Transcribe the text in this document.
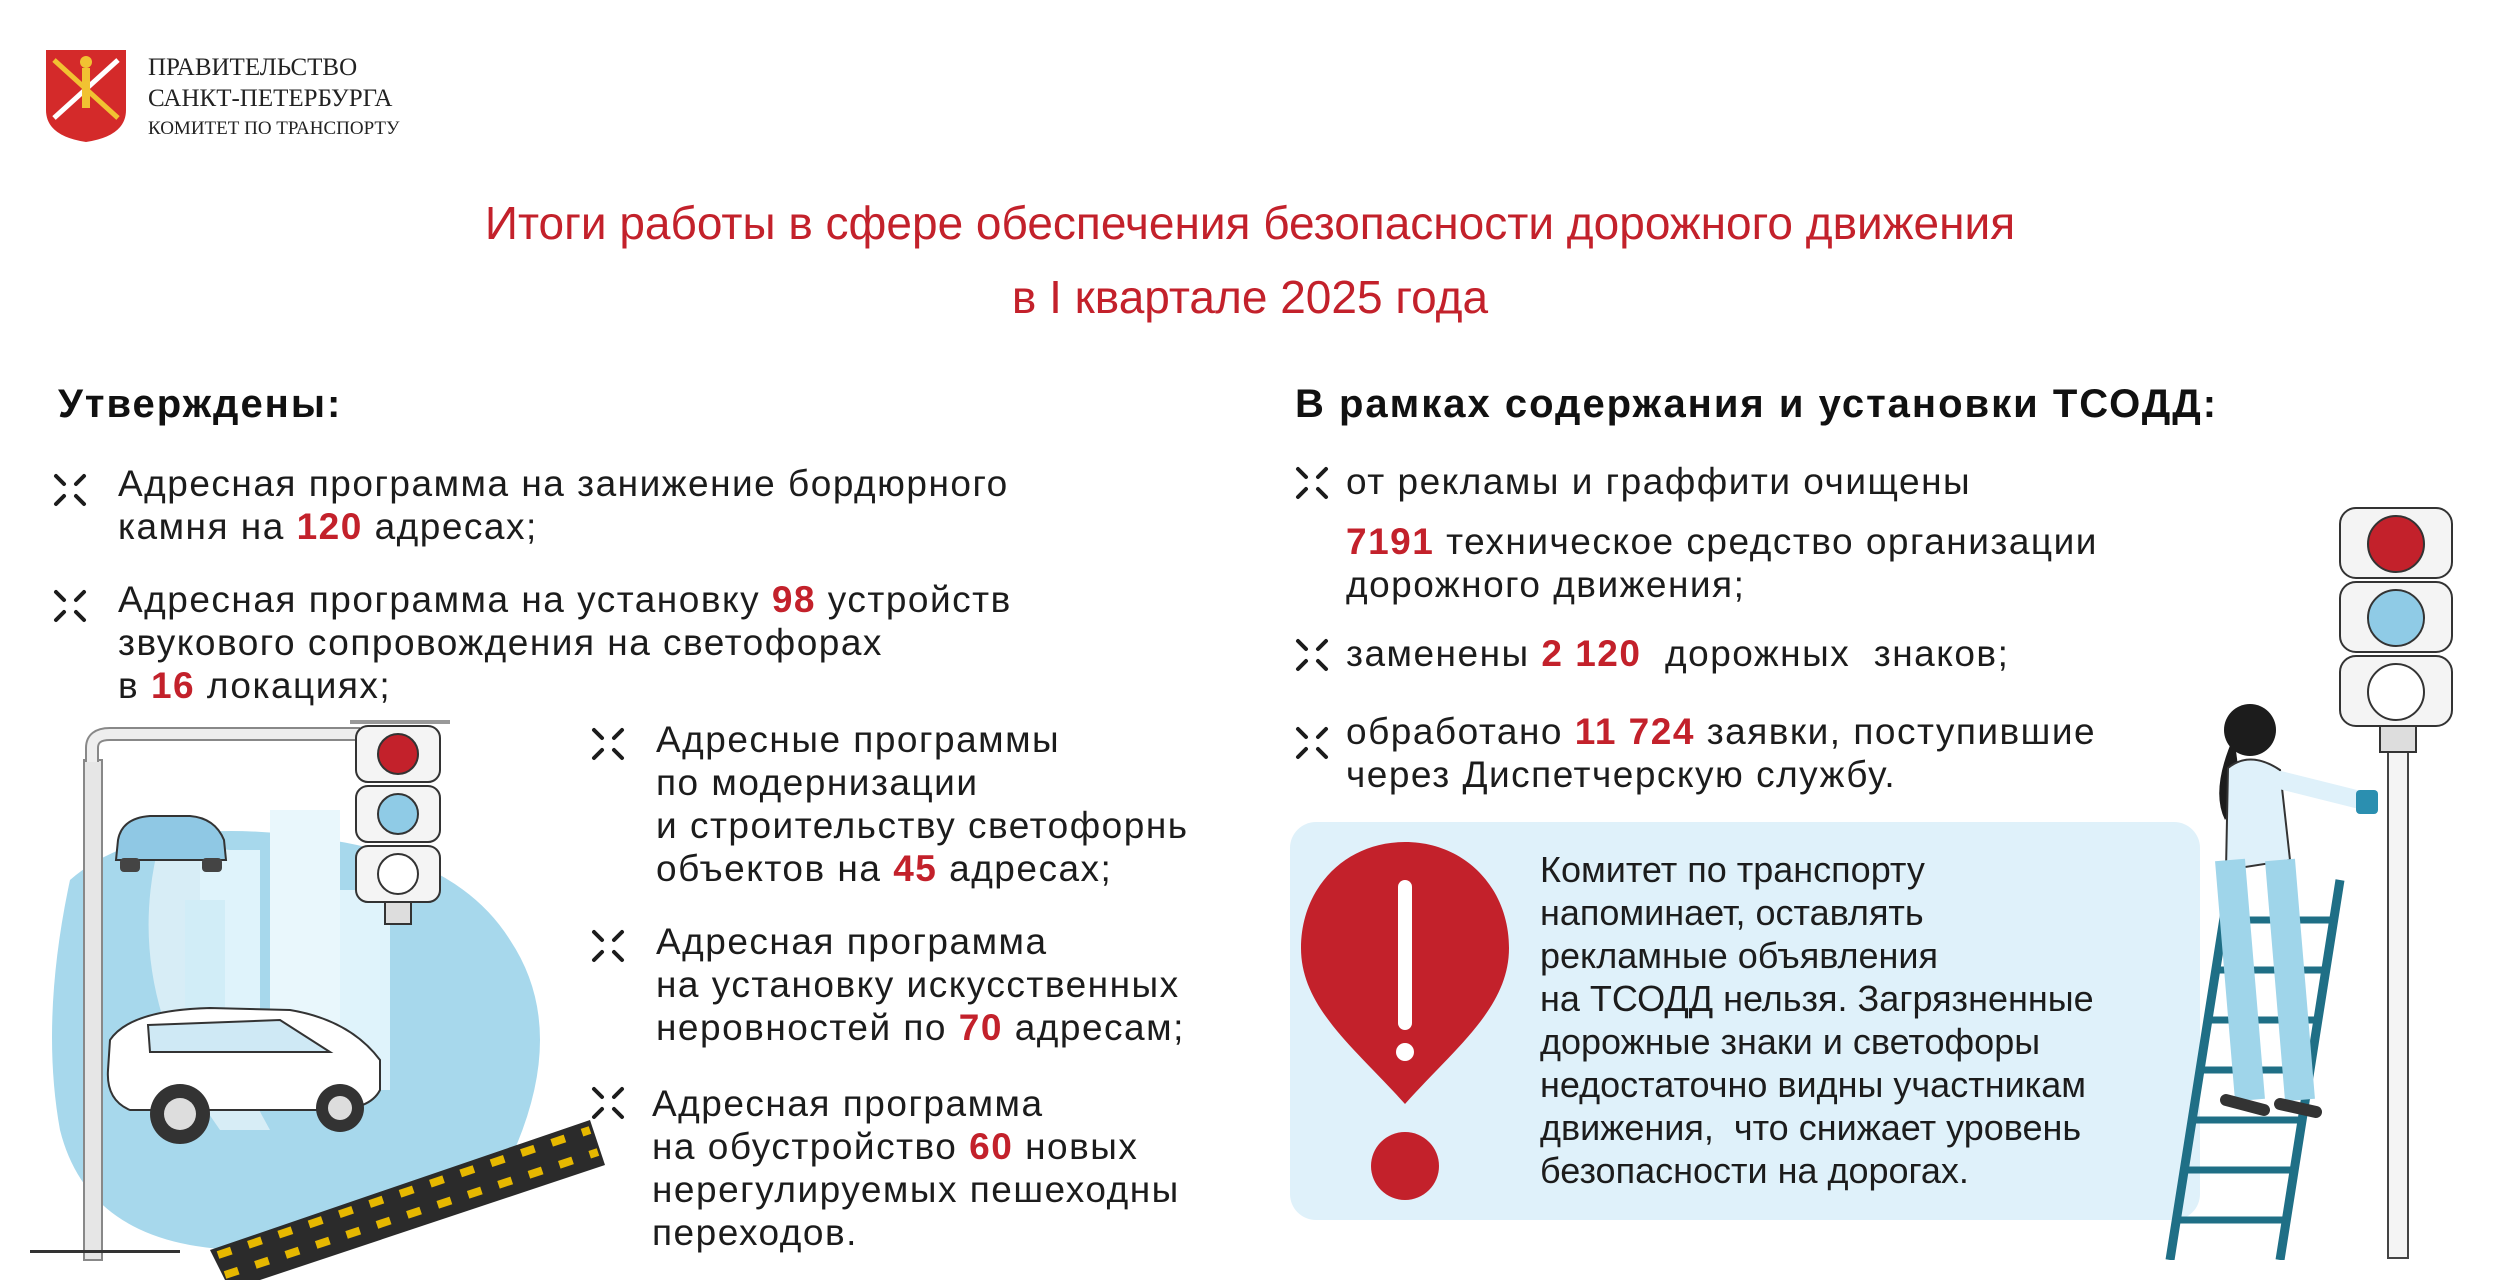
ПРАВИТЕЛЬСТВО
САНКТ-ПЕТЕРБУРГА
КОМИТЕТ ПО ТРАНСПОРТУ
Итоги работы в сфере обеспечения безопасности дорожного движения
в I квартале 2025 года
Утверждены:
Адресная программа на занижение бордюрного
камня на 120 адресах;
Адресная программа на установку 98 устройств
звукового сопровождения на светофорах
в 16 локациях;
Адресные программы
по модернизации
и строительству светофорнь
объектов на 45 адресах;
Адресная программа
на установку искусственных
неровностей по 70 адресам;
Адресная программа
на обустройство 60 новых
нерегулируемых пешеходны
переходов.
В рамках содержания и установки ТСОДД:
от рекламы и граффити очищены
7191 техническое средство организации
дорожного движения;
заменены 2 120  дорожных  знаков;
обработано 11 724 заявки, поступившие
через Диспетчерскую службу.
Комитет по транспорту
напоминает, оставлять
рекламные объявления
на ТСОДД нельзя. Загрязненные
дорожные знаки и светофоры
недостаточно видны участникам
движения,  что снижает уровень
безопасности на дорогах.
